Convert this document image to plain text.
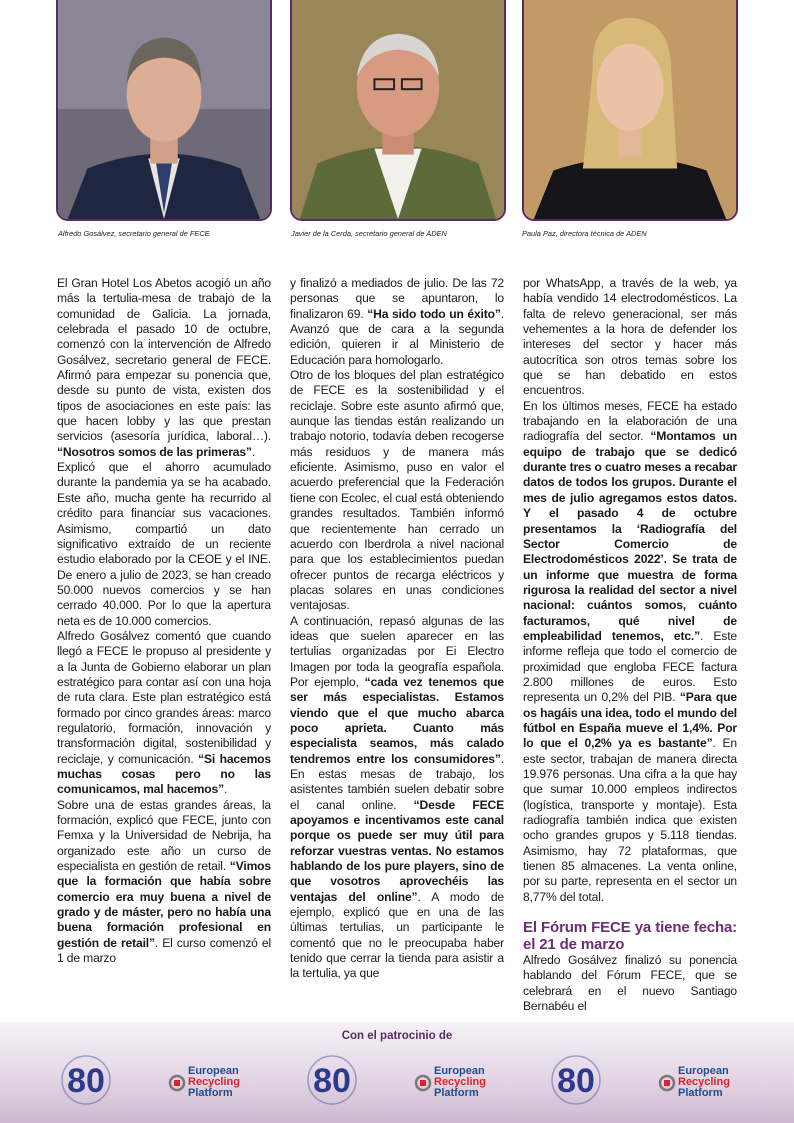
Alfredo Gosálvez, secretario general de FECE	Javier de la Cerda, secretario general de ADEN	Paula Paz, directora técnica de ADEN

El Gran Hotel Los Abetos acogió un año más la tertulia-mesa de trabajo de la comunidad de Galicia. La jornada, celebrada el pasado 10 de octubre, comenzó con la intervención de Alfredo Gosálvez, secretario general de FECE. Afirmó para empezar su ponencia que, desde su punto de vista, existen dos tipos de asociaciones en este país: las que hacen lobby y las que prestan servicios (asesoría jurídica, laboral…). “Nosotros somos de las primeras”.

Explicó que el ahorro acumulado durante la pandemia ya se ha acabado. Este año, mucha gente ha recurrido al crédito para financiar sus vacaciones. Asimismo, compartió un dato significativo extraído de un reciente estudio elaborado por la CEOE y el INE. De enero a julio de 2023, se han creado 50.000 nuevos comercios y se han cerrado 40.000. Por lo que la apertura neta es de 10.000 comercios.

Alfredo Gosálvez comentó que cuando llegó a FECE le propuso al presidente y a la Junta de Gobierno elaborar un plan estratégico para contar así con una hoja de ruta clara. Este plan estratégico está formado por cinco grandes áreas: marco regulatorio, formación, innovación y transformación digital, sostenibilidad y reciclaje, y comunicación. “Si hacemos muchas cosas pero no las comunicamos, mal hacemos”.

Sobre una de estas grandes áreas, la formación, explicó que FECE, junto con Femxa y la Universidad de Nebrija, ha organizado este año un curso de especialista en gestión de retail. “Vimos que la formación que había sobre comercio era muy buena a nivel de grado y de máster, pero no había una buena formación profesional en gestión de retail”. El curso comenzó el 1 de marzo

y finalizó a mediados de julio. De las 72 personas que se apuntaron, lo finalizaron 69. “Ha sido todo un éxito”. Avanzó que de cara a la segunda edición, quieren ir al Ministerio de Educación para homologarlo.

Otro de los bloques del plan estratégico de FECE es la sostenibilidad y el reciclaje. Sobre este asunto afirmó que, aunque las tiendas están realizando un trabajo notorio, todavía deben recogerse más residuos y de manera más eficiente. Asimismo, puso en valor el acuerdo preferencial que la Federación tiene con Ecolec, el cual está obteniendo grandes resultados. También informó que recientemente han cerrado un acuerdo con Iberdrola a nivel nacional para que los establecimientos puedan ofrecer puntos de recarga eléctricos y placas solares en unas condiciones ventajosas.

A continuación, repasó algunas de las ideas que suelen aparecer en las tertulias organizadas por Ei Electro Imagen por toda la geografía española. Por ejemplo, “cada vez tenemos que ser más especialistas. Estamos viendo que el que mucho abarca poco aprieta. Cuanto más especialista seamos, más calado tendremos entre los consumidores”. En estas mesas de trabajo, los asistentes también suelen debatir sobre el canal online. “Desde FECE apoyamos e incentivamos este canal porque os puede ser muy útil para reforzar vuestras ventas. No estamos hablando de los pure players, sino de que vosotros aprovechéis las ventajas del online”. A modo de ejemplo, explicó que en una de las últimas tertulias, un participante le comentó que no le preocupaba haber tenido que cerrar la tienda para asistir a la tertulia, ya que

por WhatsApp, a través de la web, ya había vendido 14 electrodomésticos. La falta de relevo generacional, ser más vehementes a la hora de defender los intereses del sector y hacer más autocrítica son otros temas sobre los que se han debatido en estos encuentros.

En los últimos meses, FECE ha estado trabajando en la elaboración de una radiografía del sector. “Montamos un equipo de trabajo que se dedicó durante tres o cuatro meses a recabar datos de todos los grupos. Durante el mes de julio agregamos estos datos. Y el pasado 4 de octubre presentamos la ‘Radiografía del Sector Comercio de Electrodomésticos 2022’. Se trata de un informe que muestra de forma rigurosa la realidad del sector a nivel nacional: cuántos somos, cuánto facturamos, qué nivel de empleabilidad tenemos, etc.”. Este informe refleja que todo el comercio de proximidad que engloba FECE factura 2.800 millones de euros. Esto representa un 0,2% del PIB. “Para que os hagáis una idea, todo el mundo del fútbol en España mueve el 1,4%. Por lo que el 0,2% ya es bastante”. En este sector, trabajan de manera directa 19.976 personas. Una cifra a la que hay que sumar 10.000 empleos indirectos (logística, transporte y montaje). Esta radiografía también indica que existen ocho grandes grupos y 5.118 tiendas. Asimismo, hay 72 plataformas, que tienen 85 almacenes. La venta online, por su parte, representa en el sector un 8,77% del total.

El Fórum FECE ya tiene fecha: el 21 de marzo

Alfredo Gosálvez finalizó su ponencia hablando del Fórum FECE, que se celebrará en el nuevo Santiago Bernabéu el

Con el patrocinio de
80	European
Recycling
Platform 80	European
Recycling
Platform 80	European
Recycling
Platform
